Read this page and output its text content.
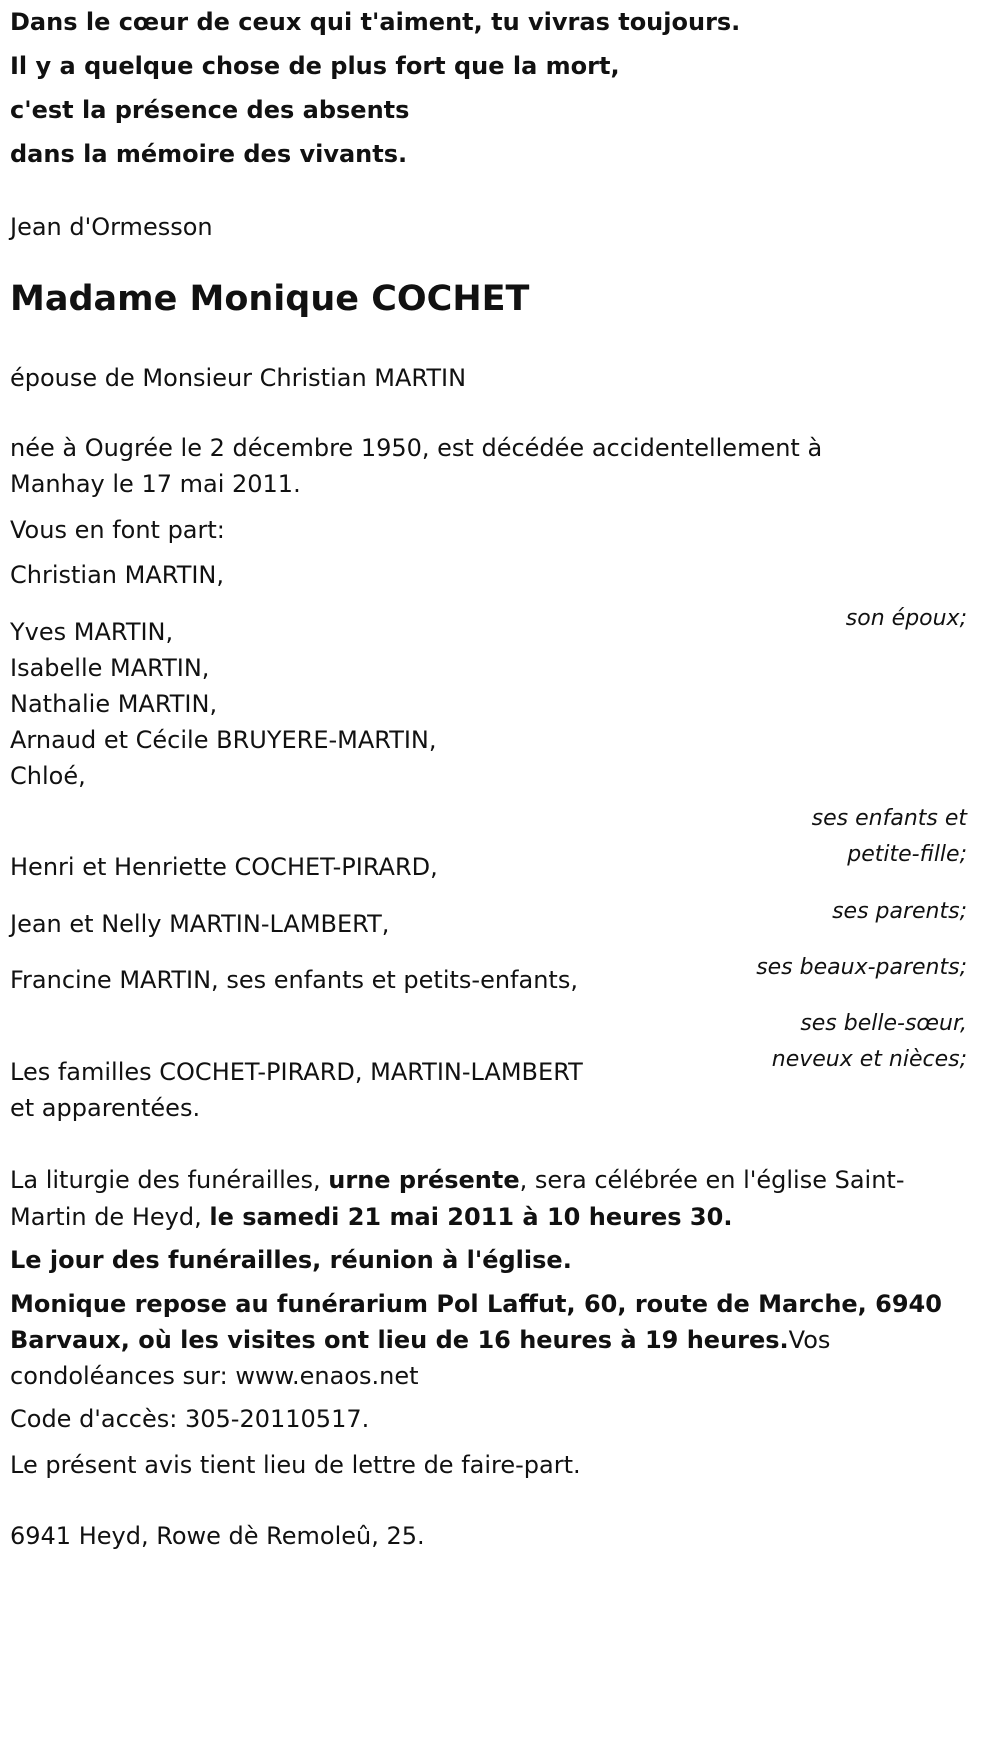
Dans le cœur de ceux qui t'aiment, tu vivras toujours.

Il y a quelque chose de plus fort que la mort,

c'est la présence des absents

dans la mémoire des vivants.

Jean d'Ormesson

Madame Monique COCHET

épouse de Monsieur Christian MARTIN

née à Ougrée le 2 décembre 1950, est décédée accidentellement à

Manhay le 17 mai 2011.

Vous en font part:

Christian MARTIN,

son époux;

Yves MARTIN,

Isabelle MARTIN,

Nathalie MARTIN,

Arnaud et Cécile BRUYERE-MARTIN,

Chloé,

ses enfants et

petite-fille;

Henri et Henriette COCHET-PIRARD,

ses parents;

Jean et Nelly MARTIN-LAMBERT,

ses beaux-parents;

Francine MARTIN, ses enfants et petits-enfants,

ses belle-sœur,

neveux et nièces;

Les familles COCHET-PIRARD, MARTIN-LAMBERT

et apparentées.

La liturgie des funérailles, urne présente, sera célébrée en l'église Saint-

Martin de Heyd, le samedi 21 mai 2011 à 10 heures 30.

Le jour des funérailles, réunion à l'église.

Monique repose au funérarium Pol Laffut, 60, route de Marche, 6940

Barvaux, où les visites ont lieu de 16 heures à 19 heures.Vos

condoléances sur: www.enaos.net

Code d'accès: 305-20110517.

Le présent avis tient lieu de lettre de faire-part.

6941 Heyd, Rowe dè Remoleû, 25.
